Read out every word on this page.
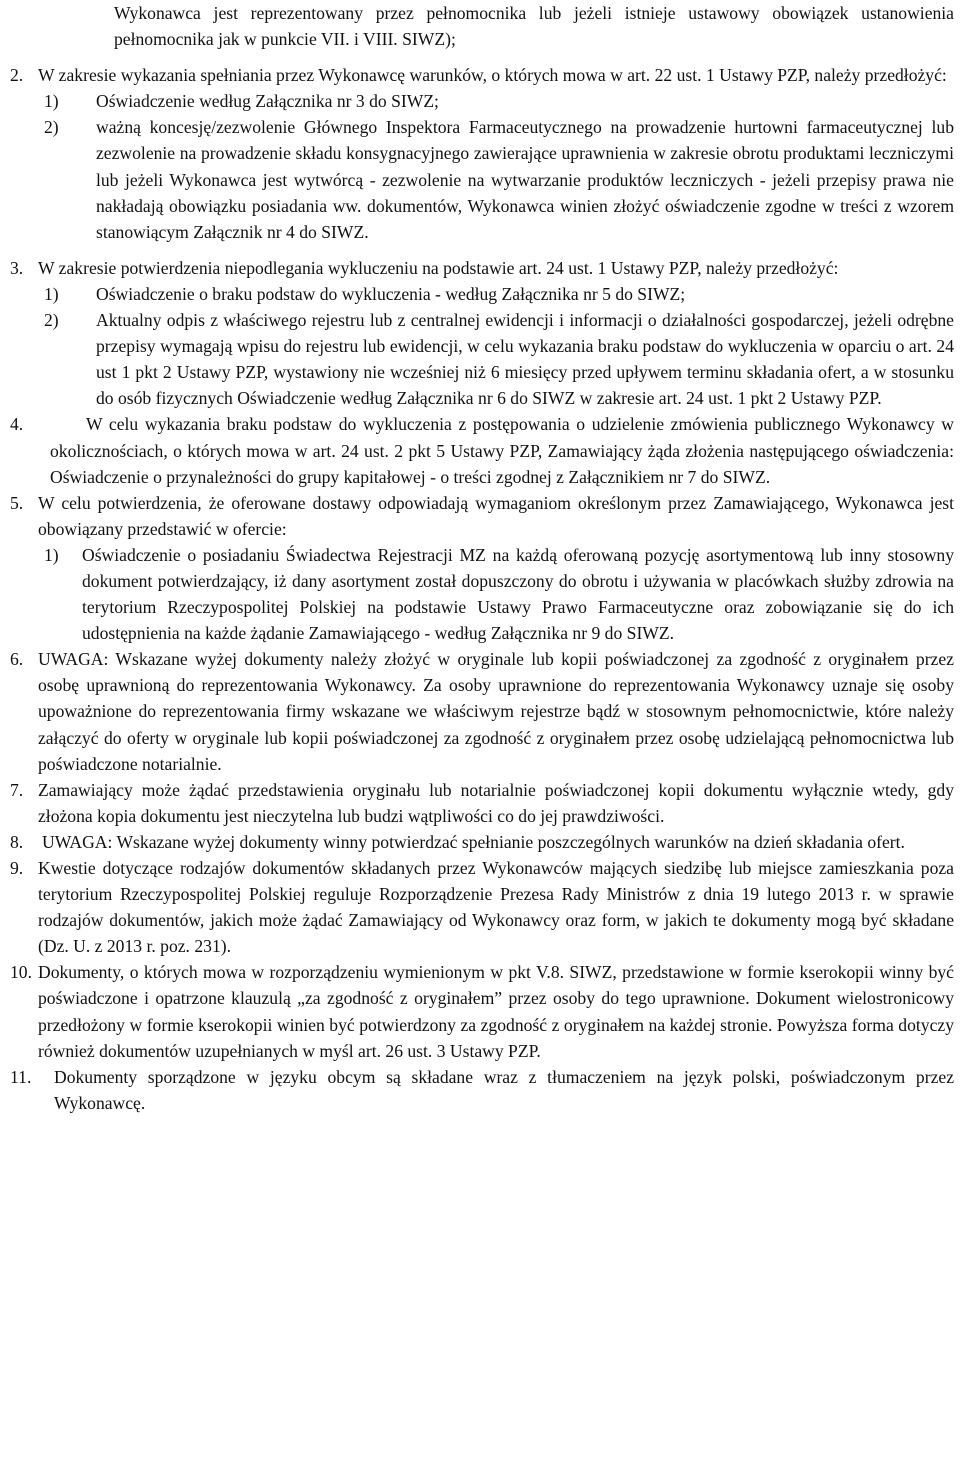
Wykonawca jest reprezentowany przez pełnomocnika lub jeżeli istnieje ustawowy obowiązek ustanowienia pełnomocnika jak w punkcie VII. i VIII. SIWZ);

2. W zakresie wykazania spełniania przez Wykonawcę warunków, o których mowa w art. 22 ust. 1 Ustawy PZP, należy przedłożyć:

1)	Oświadczenie według Załącznika nr 3 do SIWZ;

2)	ważną koncesję/zezwolenie Głównego Inspektora Farmaceutycznego na prowadzenie hurtowni farmaceutycznej lub zezwolenie na prowadzenie składu konsygnacyjnego zawierające uprawnienia w zakresie obrotu produktami leczniczymi lub jeżeli Wykonawca jest wytwórcą - zezwolenie na wytwarzanie produktów leczniczych - jeżeli przepisy prawa nie nakładają obowiązku posiadania ww. dokumentów, Wykonawca winien złożyć oświadczenie zgodne w treści z wzorem stanowiącym Załącznik nr 4 do SIWZ.

3. W zakresie potwierdzenia niepodlegania wykluczeniu na podstawie art. 24 ust. 1 Ustawy PZP, należy przedłożyć:

1)	Oświadczenie o braku podstaw do wykluczenia - według Załącznika nr 5 do SIWZ;

2)	Aktualny odpis z właściwego rejestru lub z centralnej ewidencji i informacji o działalności gospodarczej, jeżeli odrębne przepisy wymagają wpisu do rejestru lub ewidencji, w celu wykazania braku podstaw do wykluczenia w oparciu o art. 24 ust 1 pkt 2 Ustawy PZP, wystawiony nie wcześniej niż 6 miesięcy przed upływem terminu składania ofert, a w stosunku do osób fizycznych Oświadczenie według Załącznika nr 6 do SIWZ w zakresie art. 24 ust. 1 pkt 2 Ustawy PZP.

4.	W celu wykazania braku podstaw do wykluczenia z postępowania o udzielenie zmówienia publicznego Wykonawcy w okolicznościach, o których mowa w art. 24 ust. 2 pkt 5 Ustawy PZP, Zamawiający żąda złożenia następującego oświadczenia: Oświadczenie o przynależności do grupy kapitałowej - o treści zgodnej z Załącznikiem nr 7 do SIWZ.

5. W celu potwierdzenia, że oferowane dostawy odpowiadają wymaganiom określonym przez Zamawiającego, Wykonawca jest obowiązany przedstawić w ofercie:

1)	Oświadczenie o posiadaniu Świadectwa Rejestracji MZ na każdą oferowaną pozycję asortymentową lub inny stosowny dokument potwierdzający, iż dany asortyment został dopuszczony do obrotu i używania w placówkach służby zdrowia na terytorium Rzeczypospolitej Polskiej na podstawie Ustawy Prawo Farmaceutyczne oraz zobowiązanie się do ich udostępnienia na każde żądanie Zamawiającego - według Załącznika nr 9 do SIWZ.

6. UWAGA: Wskazane wyżej dokumenty należy złożyć w oryginale lub kopii poświadczonej za zgodność z oryginałem przez osobę uprawnioną do reprezentowania Wykonawcy. Za osoby uprawnione do reprezentowania Wykonawcy uznaje się osoby upoważnione do reprezentowania firmy wskazane we właściwym rejestrze bądź w stosownym pełnomocnictwie, które należy załączyć do oferty w oryginale lub kopii poświadczonej za zgodność z oryginałem przez osobę udzielającą pełnomocnictwa lub poświadczone notarialnie.

7. Zamawiający może żądać przedstawienia oryginału lub notarialnie poświadczonej kopii dokumentu wyłącznie wtedy, gdy złożona kopia dokumentu jest nieczytelna lub budzi wątpliwości co do jej prawdziwości.

8.	UWAGA: Wskazane wyżej dokumenty winny potwierdzać spełnianie poszczególnych warunków na dzień składania ofert.

9. Kwestie dotyczące rodzajów dokumentów składanych przez Wykonawców mających siedzibę lub miejsce zamieszkania poza terytorium Rzeczypospolitej Polskiej reguluje Rozporządzenie Prezesa Rady Ministrów z dnia 19 lutego 2013 r. w sprawie rodzajów dokumentów, jakich może żądać Zamawiający od Wykonawcy oraz form, w jakich te dokumenty mogą być składane (Dz. U. z 2013 r. poz. 231).

10. Dokumenty, o których mowa w rozporządzeniu wymienionym w pkt V.8. SIWZ, przedstawione w formie kserokopii winny być poświadczone i opatrzone klauzulą „za zgodność z oryginałem” przez osoby do tego uprawnione. Dokument wielostronicowy przedłożony w formie kserokopii winien być potwierdzony za zgodność z oryginałem na każdej stronie. Powyższa forma dotyczy również dokumentów uzupełnianych w myśl art. 26 ust. 3 Ustawy PZP.

11.	Dokumenty sporządzone w języku obcym są składane wraz z tłumaczeniem na język polski, poświadczonym przez Wykonawcę.
